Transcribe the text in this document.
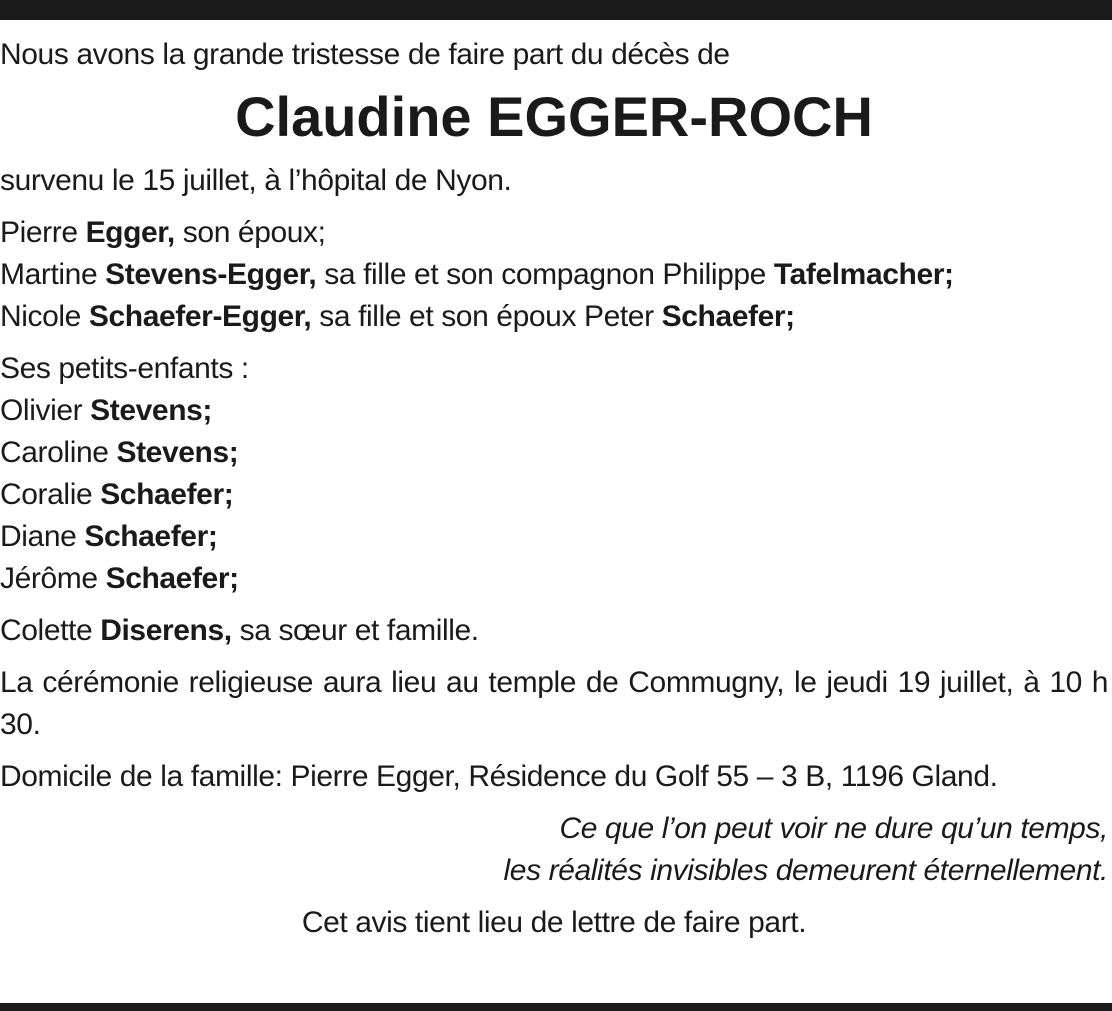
Nous avons la grande tristesse de faire part du décès de
Claudine EGGER-ROCH
survenu le 15 juillet, à l’hôpital de Nyon.
Pierre Egger, son époux;
Martine Stevens-Egger, sa fille et son compagnon Philippe Tafelmacher;
Nicole Schaefer-Egger, sa fille et son époux Peter Schaefer;
Ses petits-enfants :
Olivier Stevens;
Caroline Stevens;
Coralie Schaefer;
Diane Schaefer;
Jérôme Schaefer;
Colette Diserens, sa sœur et famille.
La cérémonie religieuse aura lieu au temple de Commugny, le jeudi 19 juillet, à 10 h 30.
Domicile de la famille: Pierre Egger, Résidence du Golf 55 – 3 B, 1196 Gland.
Ce que l’on peut voir ne dure qu’un temps,
les réalités invisibles demeurent éternellement.
Cet avis tient lieu de lettre de faire part.
